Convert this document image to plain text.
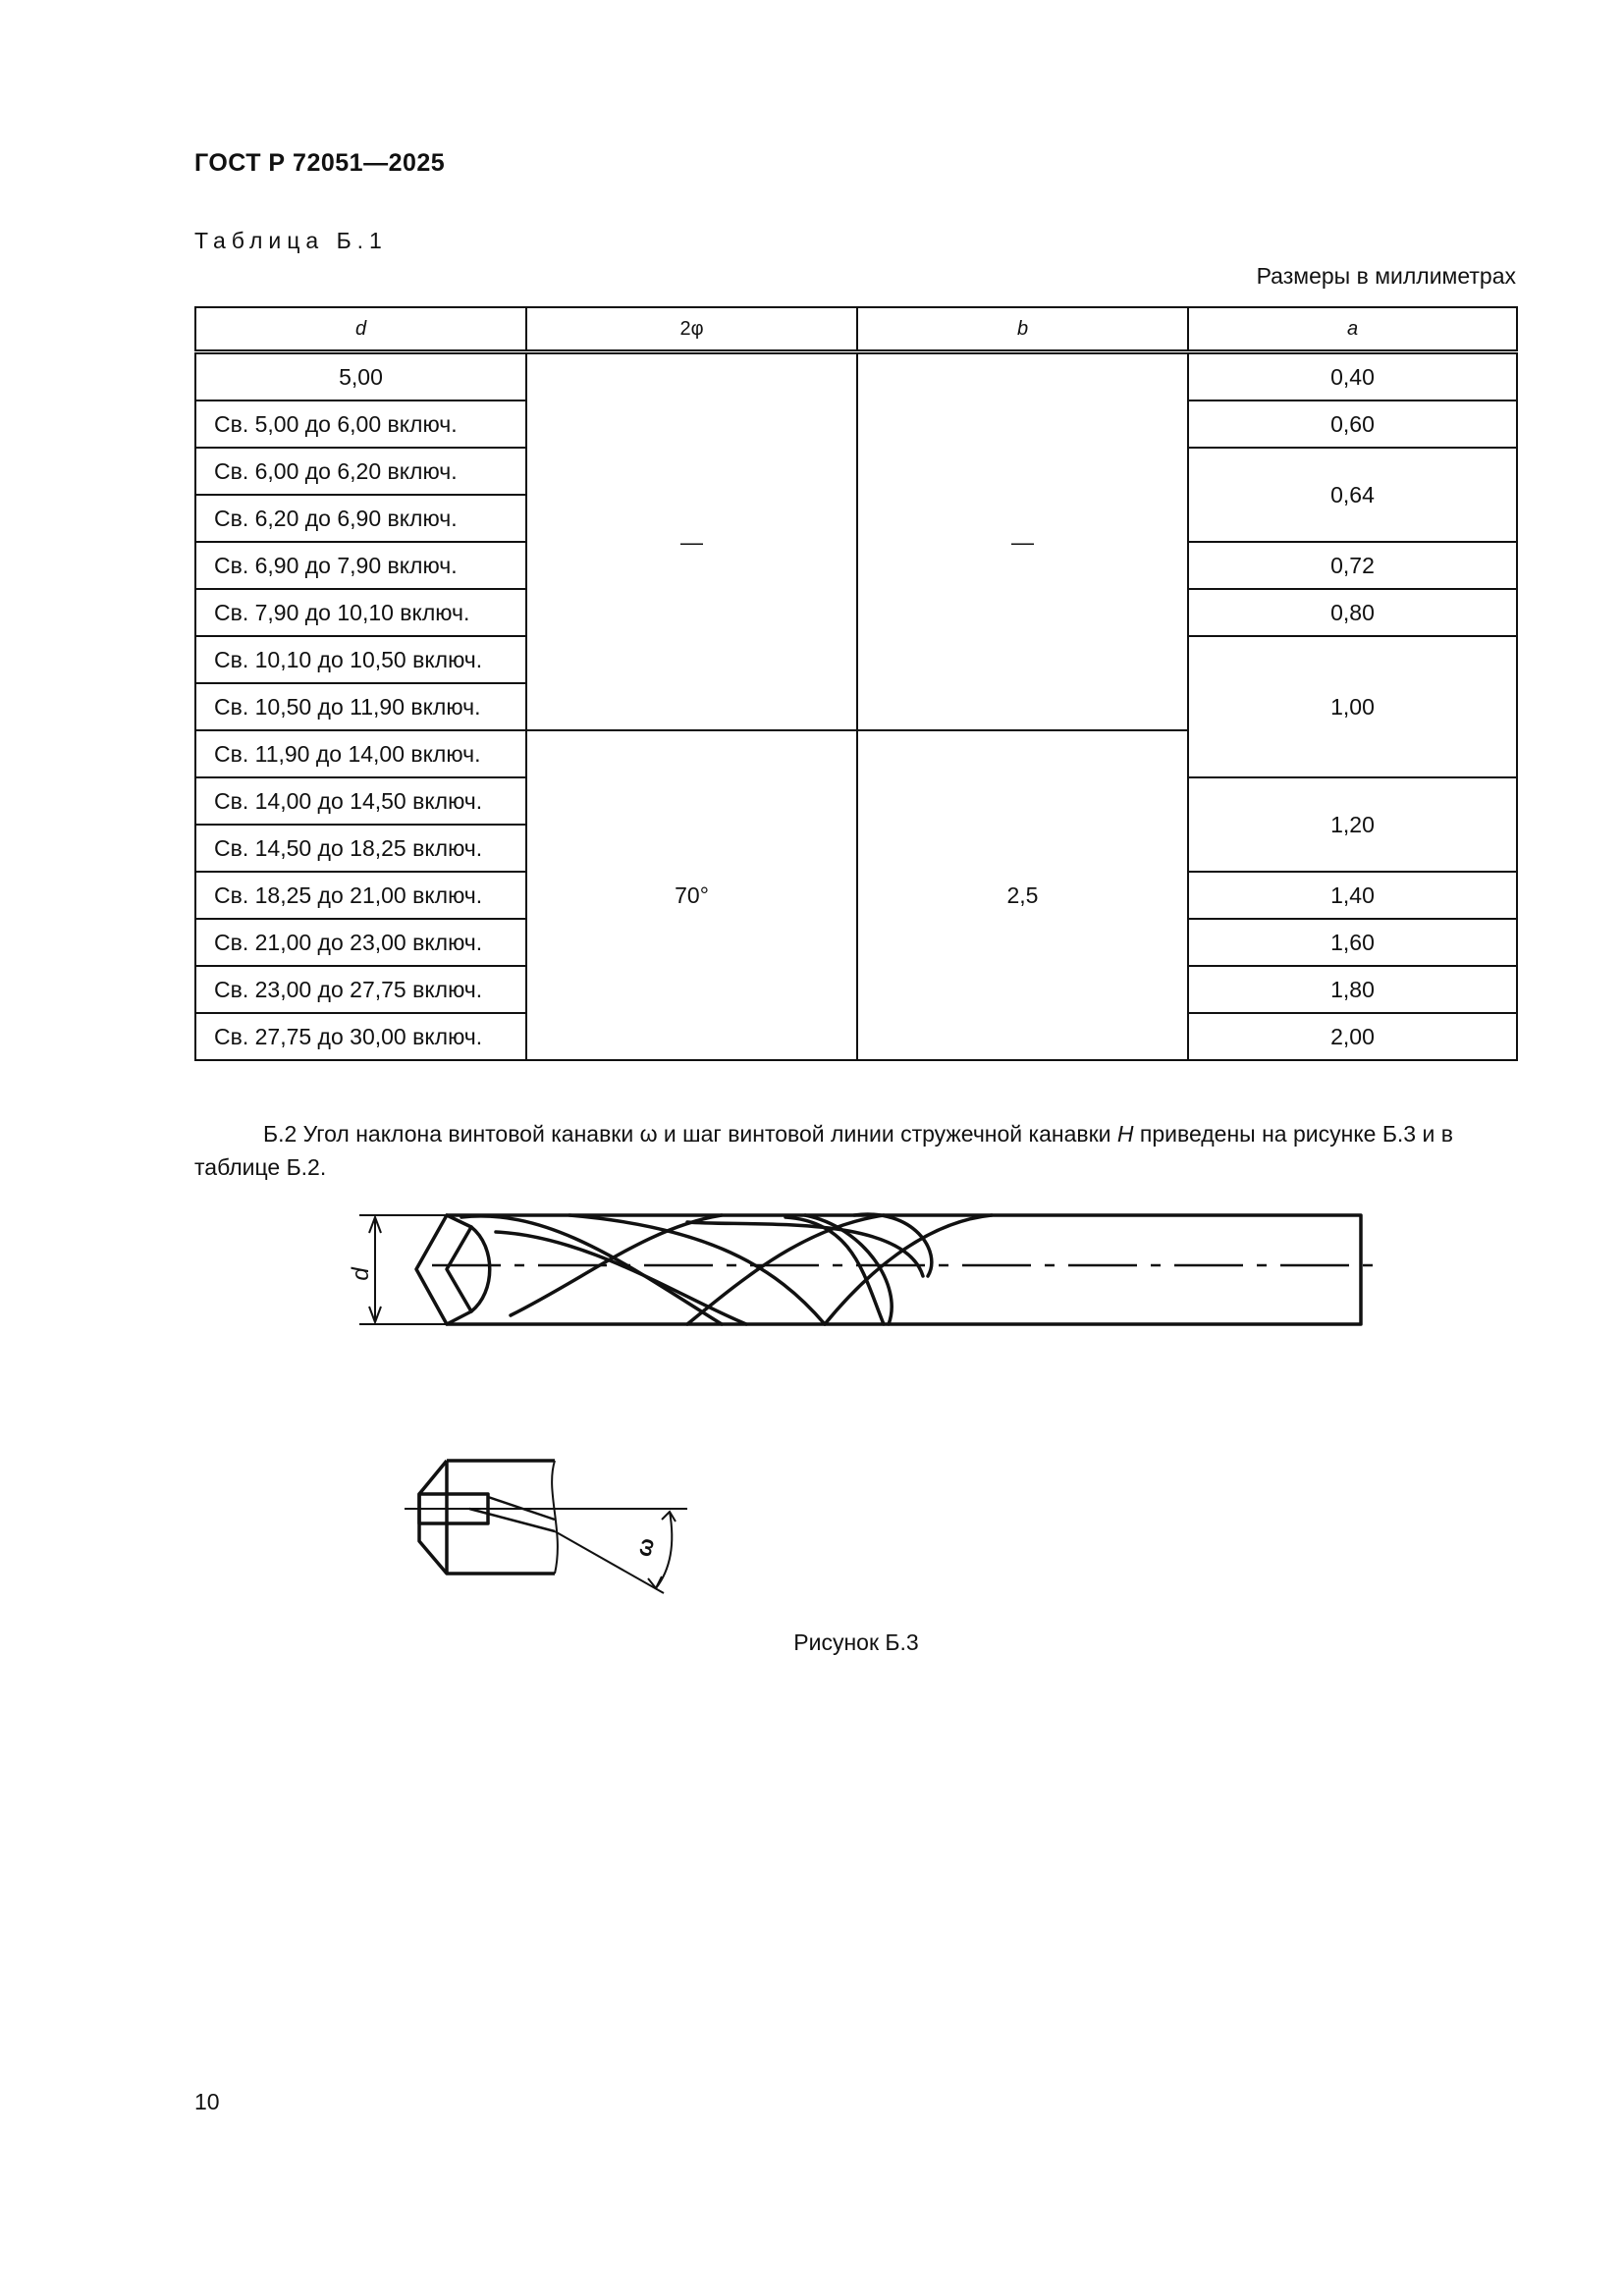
ГОСТ Р 72051—2025
Таблица Б.1
Размеры в миллиметрах
d	2φ	b	a
5,00	—	—	0,40
Св. 5,00 до 6,00 включ.			0,60
Св. 6,00 до 6,20 включ.			0,64
Св. 6,20 до 6,90 включ.			
Св. 6,90 до 7,90 включ.			0,72
Св. 7,90 до 10,10 включ.			0,80
Св. 10,10 до 10,50 включ.			1,00
Св. 10,50 до 11,90 включ.			
Св. 11,90 до 14,00 включ.	70°	2,5	
Св. 14,00 до 14,50 включ.			1,20
Св. 14,50 до 18,25 включ.			
Св. 18,25 до 21,00 включ.			1,40
Св. 21,00 до 23,00 включ.			1,60
Св. 23,00 до 27,75 включ.			1,80
Св. 27,75 до 30,00 включ.			2,00
Б.2 Угол наклона винтовой канавки ω и шаг винтовой линии стружечной канавки H приведены на рисунке Б.3 и в таблице Б.2.
d
ω
Рисунок Б.3
10
